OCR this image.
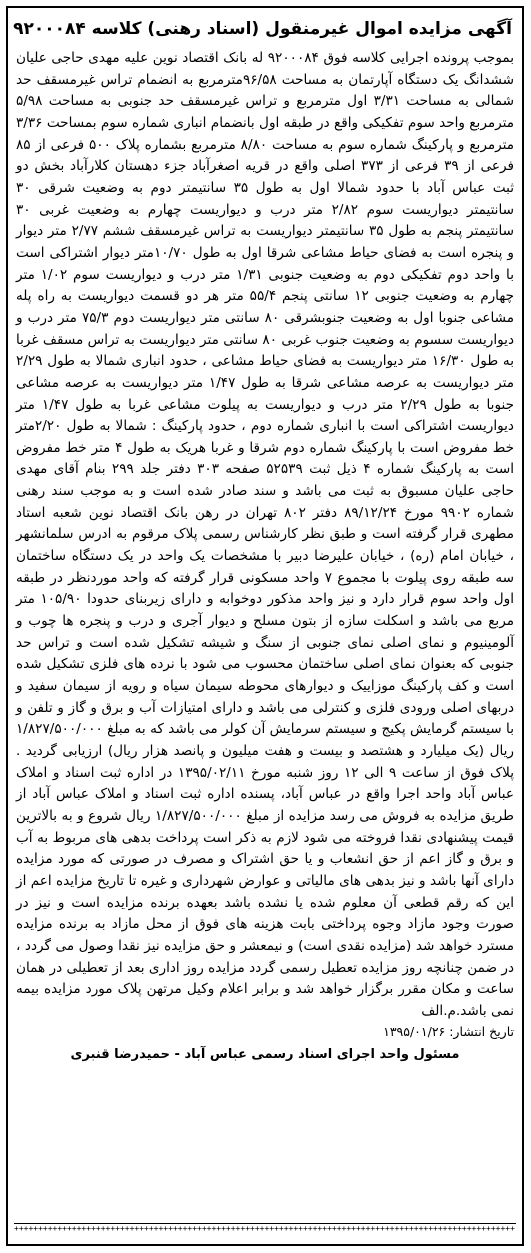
آگهی مزایده اموال غیرمنقول (اسناد رهنی) کلاسه ۹۲۰۰۰۸۴
بموجب پرونده اجرایی کلاسه فوق ۹۲۰۰۰۸۴ له بانک اقتصاد نوین علیه مهدی حاجی علیان ششدانگ یک دستگاه آپارتمان به مساحت ۹۶/۵۸مترمربع به انضمام تراس غیرمسقف حد شمالی به مساحت ۳/۳۱ اول مترمربع و تراس غیرمسقف حد جنوبی به مساحت ۵/۹۸ مترمربع واحد سوم تفکیکی واقع در طبقه اول بانضمام انباری شماره سوم بمساحت ۳/۳۶ مترمربع و پارکینگ شماره سوم به مساحت ۸/۸۰ مترمربع بشماره پلاک ۵۰۰ فرعی از ۸۵ فرعی از ۳۹ فرعی از ۳۷۳ اصلی واقع در قریه اصغرآباد جزء دهستان کلارآباد بخش دو ثبت عباس آباد با حدود شمالا اول به طول ۳۵ سانتیمتر دوم به وضعیت شرقی ۳۰ سانتیمتر دیواریست سوم ۲/۸۲ متر درب و دیواریست چهارم به وضعیت غربی ۳۰ سانتیمتر پنجم به طول ۳۵ سانتیمتر دیواریست به تراس غیرمسقف ششم ۲/۷۷ متر دیوار و پنجره است به فضای حیاط مشاعی شرقا اول به طول ۱۰/۷۰متر دیوار اشتراکی است با واحد دوم تفکیکی دوم به وضعیت جنوبی ۱/۳۱ متر درب و دیواریست سوم ۱/۰۲ متر چهارم به وضعیت جنوبی ۱۲ سانتی پنجم ۵۵/۴ متر هر دو قسمت دیواریست به راه پله مشاعی جنوبا اول به وضعیت جنوبشرقی ۸۰ سانتی متر دیواریست دوم ۷۵/۳ متر درب و دیواریست سسوم به وضعیت جنوب غربی ۸۰ سانتی متر دیواریست به تراس مسقف غربا به طول ۱۶/۳۰ متر دیواریست به فضای حیاط مشاعی ، حدود انباری شمالا به طول ۲/۲۹ متر دیواریست به عرصه مشاعی شرقا به طول ۱/۴۷ متر دیواریست به عرصه مشاعی جنوبا به طول ۲/۲۹ متر درب و دیواریست به پیلوت مشاعی غربا به طول ۱/۴۷ متر دیواریست اشتراکی است با انباری شماره دوم ، حدود پارکینگ : شمالا به طول ۲/۲۰متر خط مفروض است با پارکینگ شماره دوم شرقا و غربا هریک به طول ۴ متر خط مفروض است به پارکینگ شماره ۴ ذیل ثبت ۵۲۵۳۹ صفحه ۳۰۳ دفتر جلد ۲۹۹ بنام آقای مهدی حاجی علیان مسبوق به ثبت می باشد و سند صادر شده است و به موجب سند رهنی شماره ۹۹۰۲ مورخ ۸۹/۱۲/۲۴ دفتر ۸۰۲ تهران در رهن بانک اقتصاد نوین شعبه استاد مطهری قرار گرفته است و طبق نظر کارشناس رسمی پلاک مرقوم به ادرس سلمانشهر ، خیابان امام (ره) ، خیابان علیرضا دبیر با مشخصات یک واحد در یک دستگاه ساختمان سه طبقه روی پیلوت با مجموع ۷ واحد مسکونی قرار گرفته که واحد موردنظر در طبقه اول واحد سوم قرار دارد و نیز واحد مذکور دوخوابه و دارای زیربنای حدودا ۱۰۵/۹۰ متر مربع می باشد و اسکلت سازه از بتون مسلح و دیوار آجری و درب و پنجره ها چوب و آلومینیوم و نمای اصلی نمای جنوبی از سنگ و شیشه تشکیل شده است و تراس حد جنوبی که بعنوان نمای اصلی ساختمان محسوب می شود با نرده های فلزی تشکیل شده است و کف پارکینگ موزاییک و دیوارهای محوطه سیمان سیاه و رویه از سیمان سفید و دربهای اصلی ورودی فلزی و کنترلی می باشد و دارای امتیازات آب و برق و گاز و تلفن و با سیستم گرمایش پکیج و سیستم سرمایش آن کولر می باشد که به مبلغ ۱/۸۲۷/۵۰۰/۰۰۰ ریال (یک میلیارد و هشتصد و بیست و هفت میلیون و پانصد هزار ریال) ارزیابی گردید . پلاک فوق از ساعت ۹ الی ۱۲ روز شنبه مورخ ۱۳۹۵/۰۲/۱۱ در اداره ثبت اسناد و املاک عباس آباد واحد اجرا واقع در عباس آباد، پسنده اداره ثبت اسناد و املاک عباس آباد از طریق مزایده به فروش می رسد مزایده از مبلغ ۱/۸۲۷/۵۰۰/۰۰۰ ریال شروع و به بالاترین قیمت پیشنهادی نقدا فروخته می شود لازم به ذکر است پرداخت بدهی های مربوط به آب و برق و گاز اعم از حق انشعاب و یا حق اشتراک و مصرف در صورتی که مورد مزایده دارای آنها باشد و نیز بدهی های مالیاتی و عوارض شهرداری و غیره تا تاریخ مزایده اعم از این که رقم قطعی آن معلوم شده یا نشده باشد بعهده برنده مزایده است و نیز در صورت وجود مازاد وجوه پرداختی بابت هزینه های فوق از محل مازاد به برنده مزایده مسترد خواهد شد (مزایده نقدی است) و نیمعشر و حق مزایده نیز نقدا وصول می گردد ، در ضمن چنانچه روز مزایده تعطیل رسمی گردد مزایده روز اداری بعد از تعطیلی در همان ساعت و مکان مقرر برگزار خواهد شد و برابر اعلام وکیل مرتهن پلاک مورد مزایده بیمه نمی باشد.م.الف
تاریخ انتشار: ۱۳۹۵/۰۱/۲۶
مسئول واحد اجرای اسناد رسمی عباس آباد - حمیدرضا قنبری
++++++++++++++++++++++++++++++++++++++++++++++++++++++++++++++++++++++++++++++++++++++++++++++++++++++++
